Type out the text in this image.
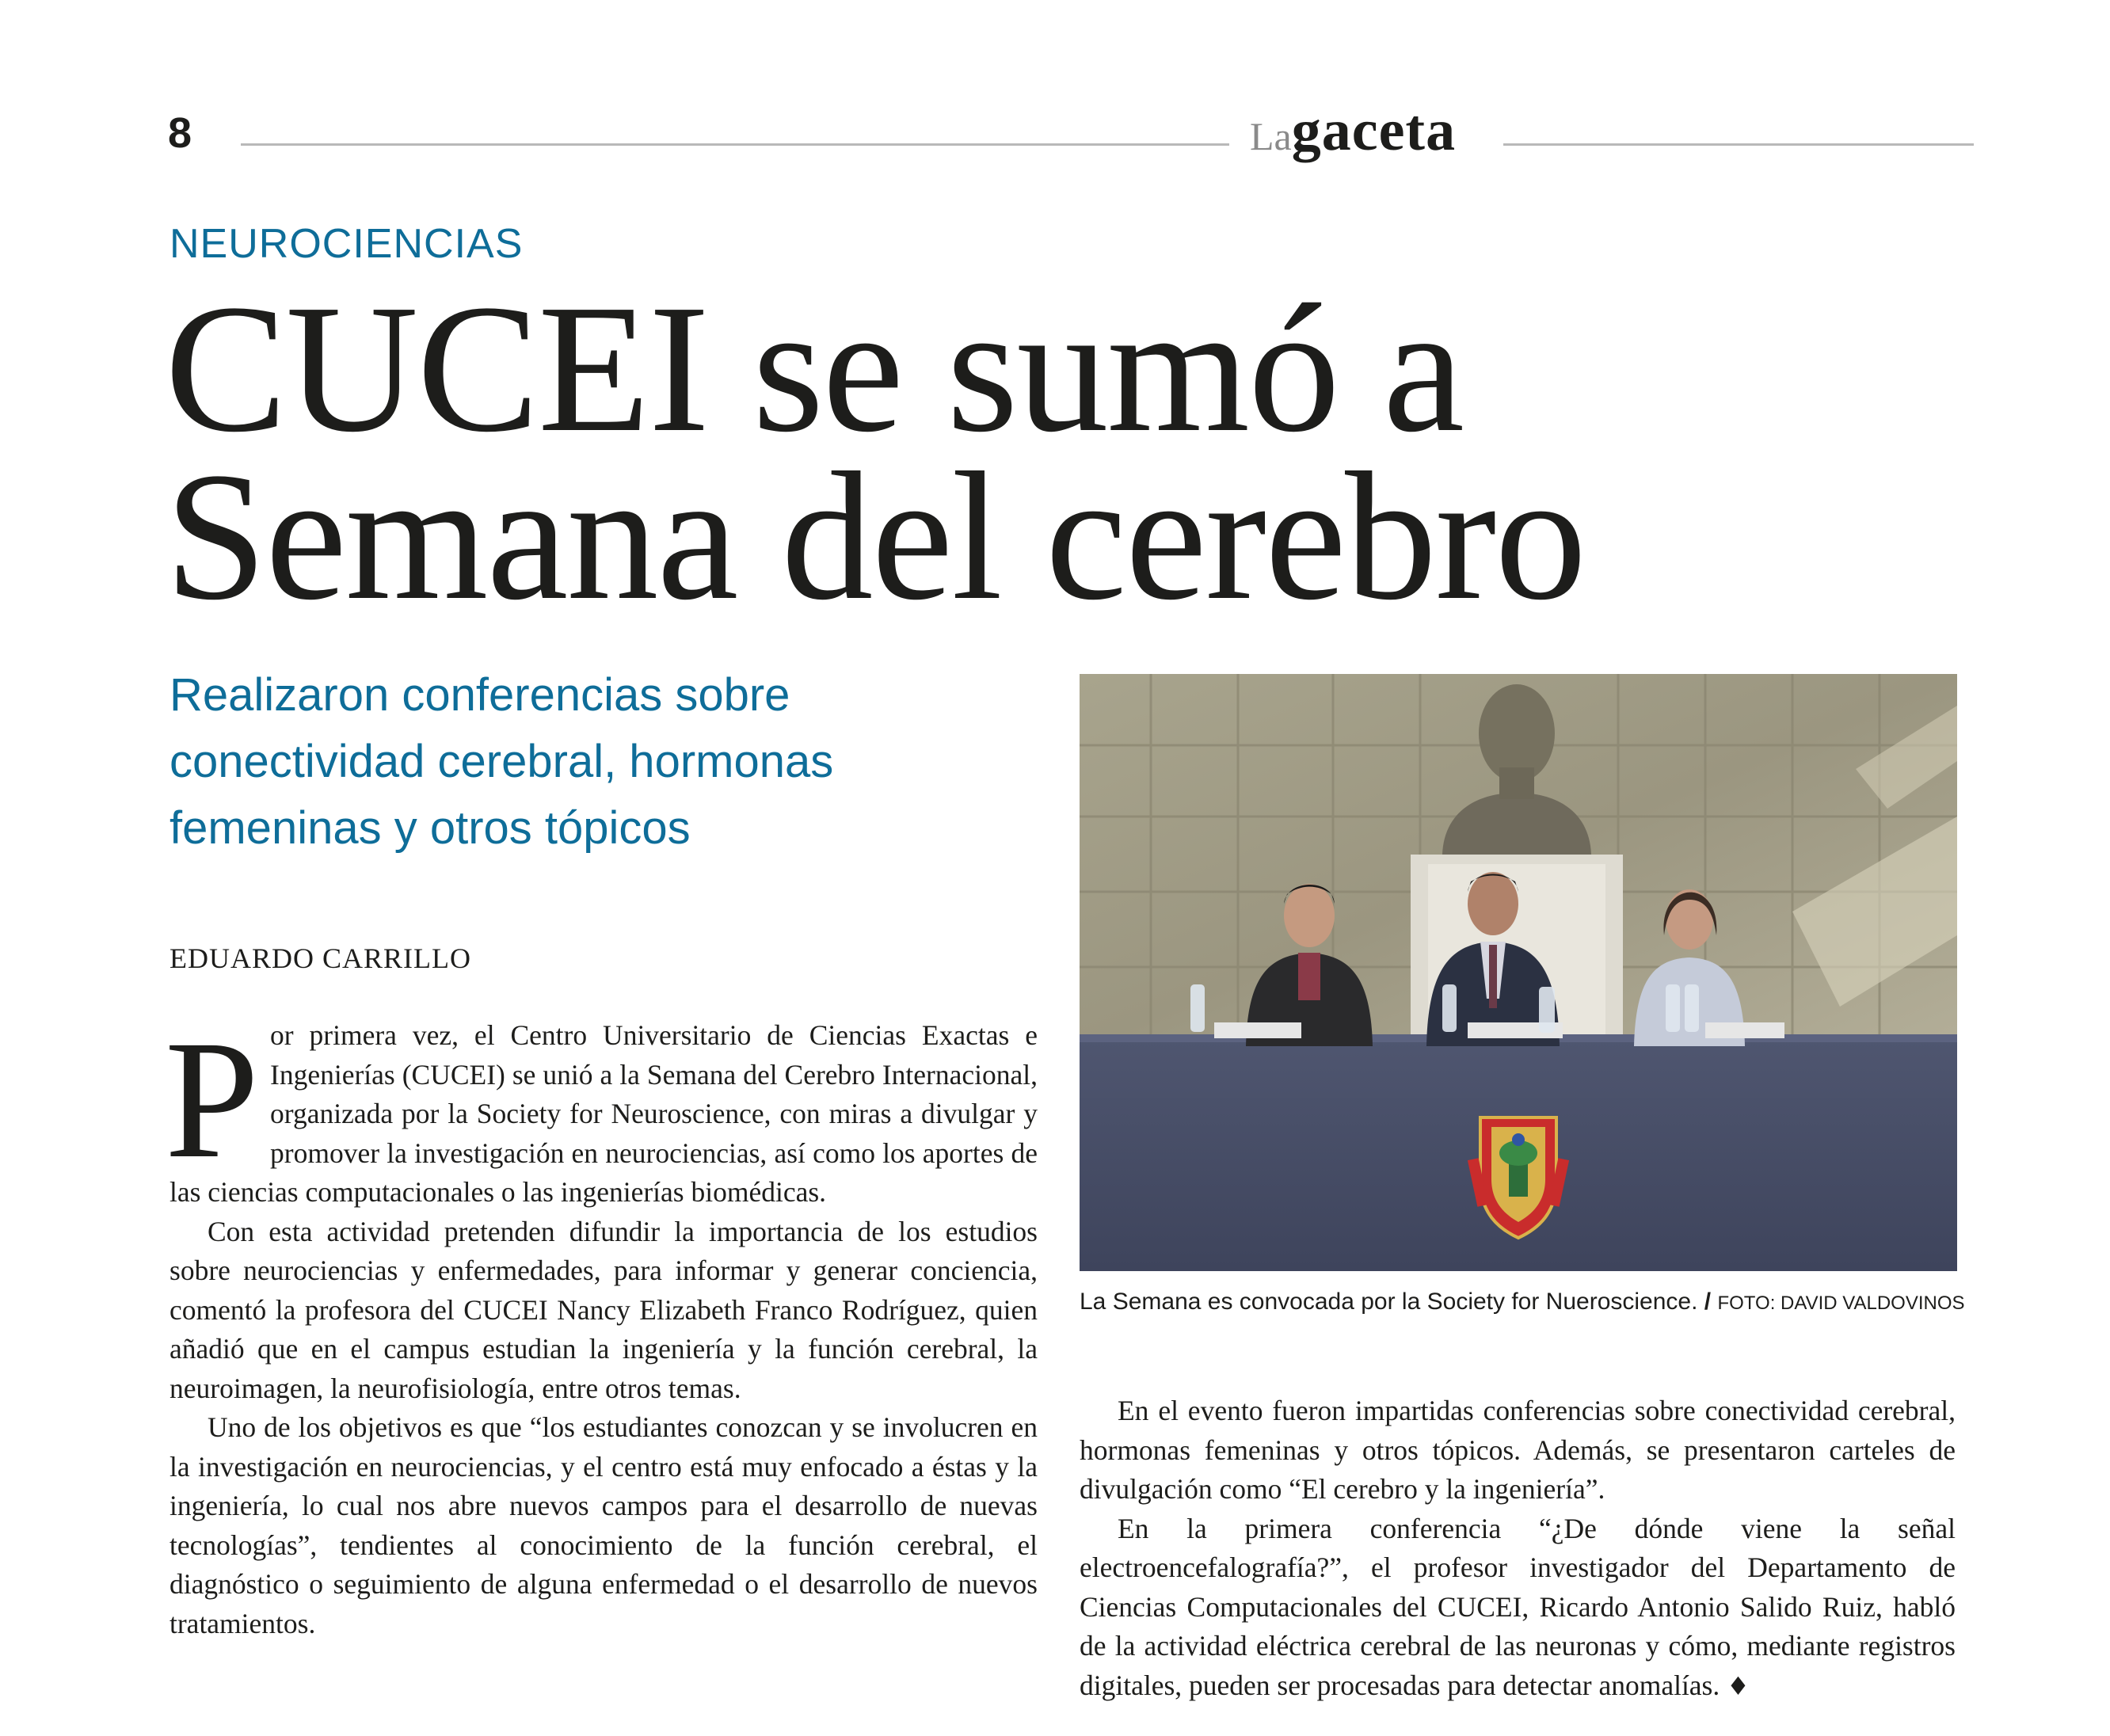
8	Lagaceta
NEUROCIENCIAS
CUCEI se sumó a
Semana del cerebro
Realizaron conferencias sobre conectividad cerebral, hormonas femeninas y otros tópicos
EDUARDO CARRILLO

Por primera vez, el Centro Universitario de Ciencias Exactas e Ingenierías (CUCEI) se unió a la Semana del Cerebro Internacional, organizada por la Society for Neuroscience, con miras a divulgar y promover la investigación en neurociencias, así como los aportes de las ciencias computacionales o las ingenierías biomédicas.

Con esta actividad pretenden difundir la importancia de los estudios sobre neurociencias y enfermedades, para informar y generar conciencia, comentó la profesora del CUCEI Nancy Elizabeth Franco Rodríguez, quien añadió que en el campus estudian la ingeniería y la función cerebral, la neuroimagen, la neurofisiología, entre otros temas.

Uno de los objetivos es que “los estudiantes conozcan y se involucren en la investigación en neurociencias, y el centro está muy enfocado a éstas y la ingeniería, lo cual nos abre nuevos campos para el desarrollo de nuevas tecnologías”, tendientes al conocimiento de la función cerebral, el diagnóstico o seguimiento de alguna enfermedad o el desarrollo de nuevos tratamientos.

La Semana es convocada por la Society for Nueroscience. / FOTO: DAVID VALDOVINOS

En el evento fueron impartidas conferencias sobre conectividad cerebral, hormonas femeninas y otros tópicos. Además, se presentaron carteles de divulgación como “El cerebro y la ingeniería”.

En la primera conferencia “¿De dónde viene la señal electroencefalografía?”, el profesor investigador del Departamento de Ciencias Computacionales del CUCEI, Ricardo Antonio Salido Ruiz, habló de la actividad eléctrica cerebral de las neuronas y cómo, mediante registros digitales, pueden ser procesadas para detectar anomalías. ♦
